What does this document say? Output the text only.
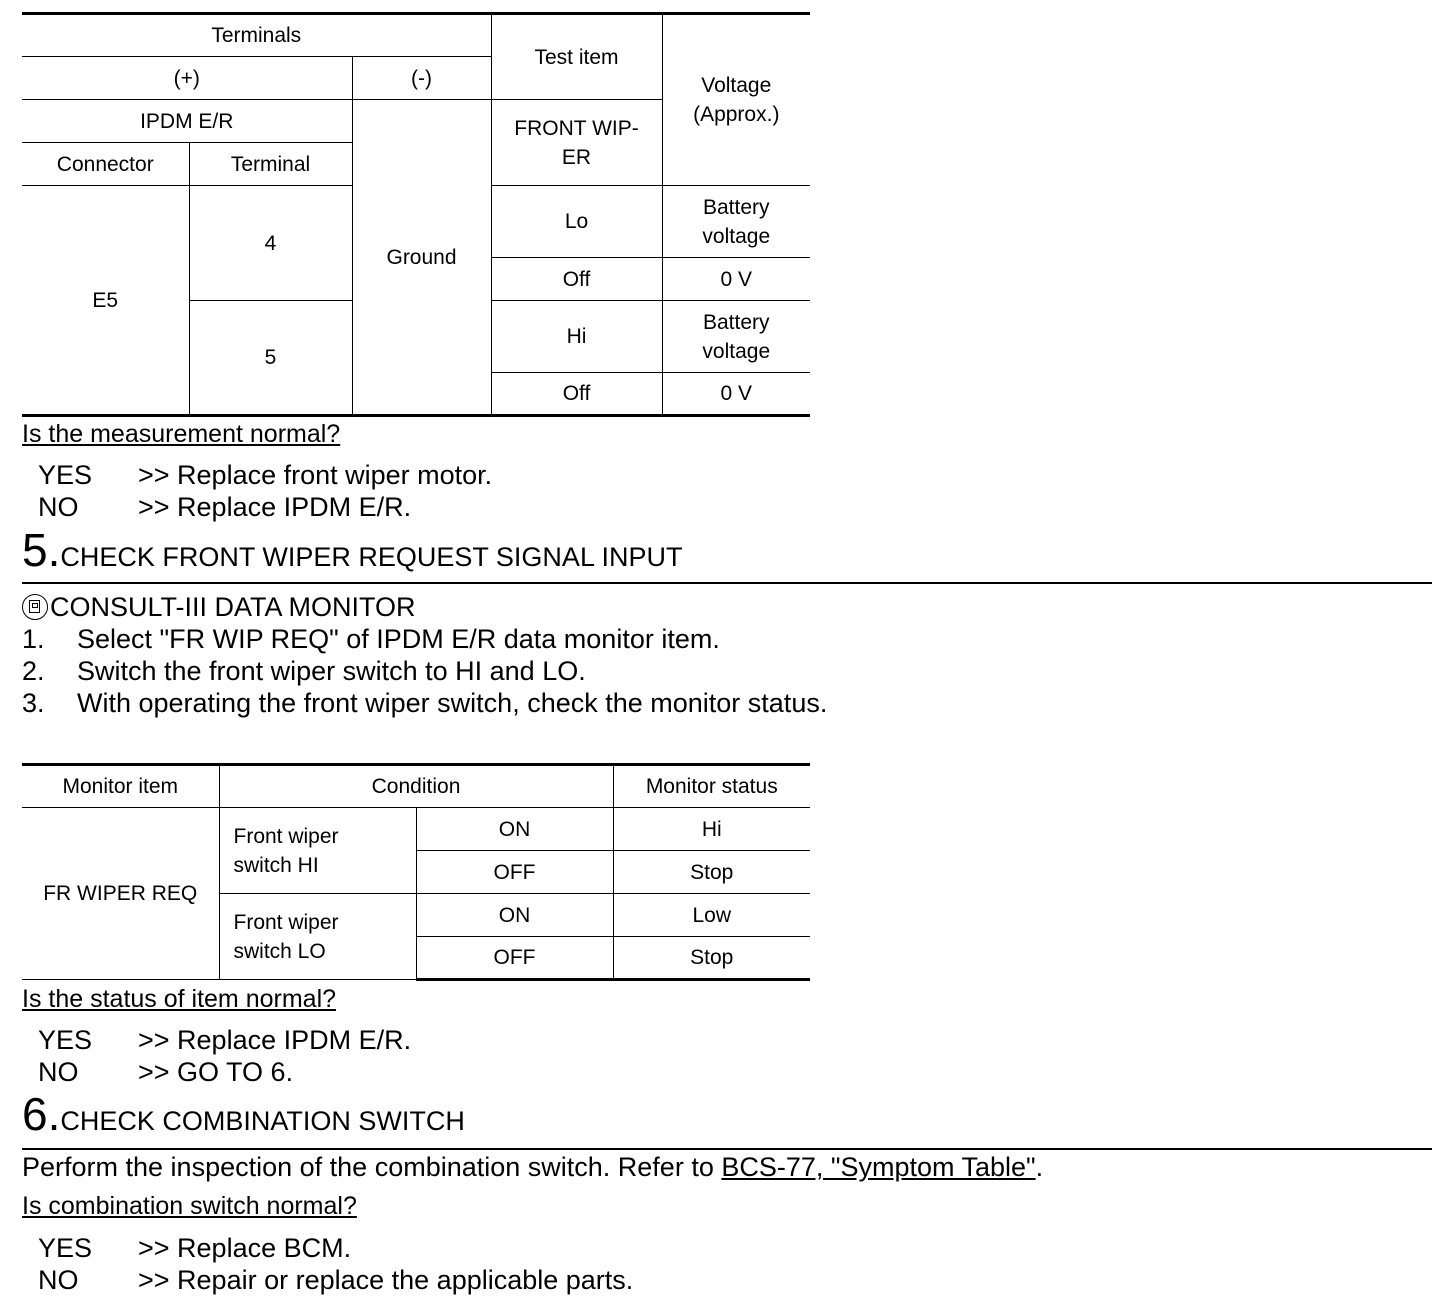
Terminals			Test item	Voltage
(Approx.)
(+)		(-)		
IPDM E/R		Ground	FRONT WIP-
ER	
Connector	Terminal			
E5	4		Lo	Battery
voltage
			Off	0 V
	5		Hi	Battery
voltage
			Off	0 V
Is the measurement normal?
YES >> Replace front wiper motor.
NO >> Replace IPDM E/R.
5.CHECK FRONT WIPER REQUEST SIGNAL INPUT
CONSULT-III DATA MONITOR
1. Select "FR WIP REQ" of IPDM E/R data monitor item.
2. Switch the front wiper switch to HI and LO.
3. With operating the front wiper switch, check the monitor status.
Monitor item	Condition		Monitor status
FR WIPER REQ	Front wiper
switch HI	ON	Hi
		OFF	Stop
	Front wiper
switch LO	ON	Low
		OFF	Stop
Is the status of item normal?
YES >> Replace IPDM E/R.
NO >> GO TO 6.
6.CHECK COMBINATION SWITCH
Perform the inspection of the combination switch. Refer to BCS-77, "Symptom Table".
Is combination switch normal?
YES >> Replace BCM.
NO >> Repair or replace the applicable parts.
